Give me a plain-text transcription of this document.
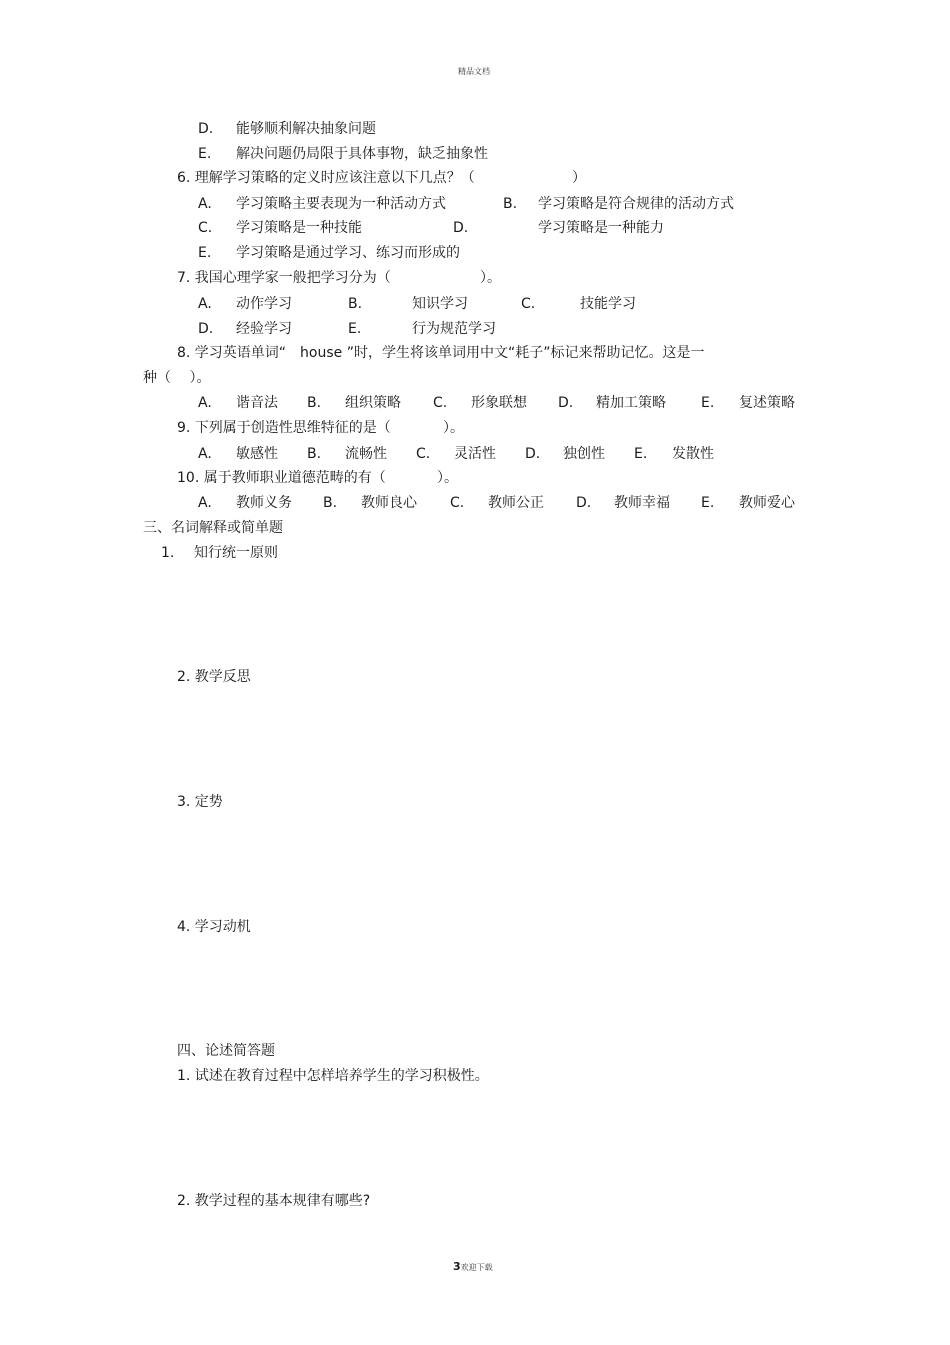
精品文档
D. 能够顺利解决抽象问题
E. 解决问题仍局限于具体事物，缺乏抽象性
6. 理解学习策略的定义时应该注意以下几点？（	）
A. 学习策略主要表现为一种活动方式	B. 学习策略是符合规律的活动方式
C. 学习策略是一种技能	D.	学习策略是一种能力
E. 学习策略是通过学习、练习而形成的
7. 我国心理学家一般把学习分为（	）。
A. 动作学习	B.	知识学习	C.	技能学习
D. 经验学习	E.	行为规范学习
8. 学习英语单词“　house ”时，学生将该单词用中文“耗子”标记来帮助记忆。这是一
种（　 ）。
A. 谐音法 B. 组织策略 C. 形象联想 D. 精加工策略	E. 复述策略
9. 下列属于创造性思维特征的是（	）。
A. 敏感性 B. 流畅性 C. 灵活性 D. 独创性 E. 发散性
10. 属于教师职业道德范畴的有（	）。
A. 教师义务 B. 教师良心 C. 教师公正 D. 教师幸福 E. 教师爱心
三、名词解释或简单题
1. 知行统一原则
2. 教学反思
3. 定势
4. 学习动机
四、论述简答题
1. 试述在教育过程中怎样培养学生的学习积极性。
2. 教学过程的基本规律有哪些?
3欢迎下载
